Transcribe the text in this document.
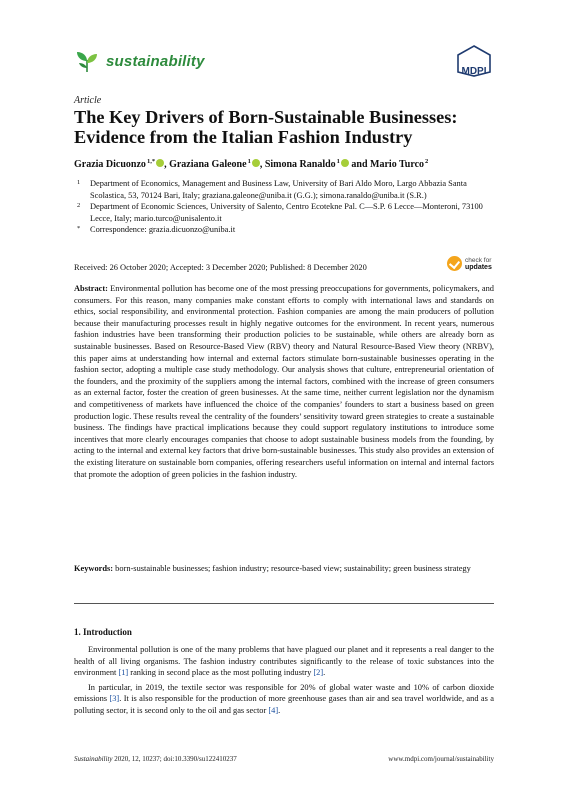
sustainability
MDPI
Article
The Key Drivers of Born-Sustainable Businesses: Evidence from the Italian Fashion Industry
Grazia Dicuonzo$^{1,*}$ , Graziana Galeone$^1$ , Simona Ranaldo$^1$ and Mario Turco$^2$
1 Department of Economics, Management and Business Law, University of Bari Aldo Moro, Largo Abbazia Santa Scolastica, 53, 70124 Bari, Italy; graziana.galeone@uniba.it (G.G.); simona.ranaldo@uniba.it (S.R.)
2 Department of Economic Sciences, University of Salento, Centro Ecotekne Pal. C—S.P. 6 Lecce—Monteroni, 73100 Lecce, Italy; mario.turco@unisalento.it
* Correspondence: grazia.dicuonzo@uniba.it
Received: 26 October 2020; Accepted: 3 December 2020; Published: 8 December 2020
check for
updates
Abstract: Environmental pollution has become one of the most pressing preoccupations for governments, policymakers, and consumers. For this reason, many companies make constant efforts to comply with international laws and standards on ethics, social responsibility, and environmental protection. Fashion companies are among the main producers of pollution because their manufacturing processes result in highly negative outcomes for the environment. In recent years, numerous fashion industries have been transforming their production policies to be sustainable, while others are already born as sustainable businesses. Based on Resource-Based View (RBV) theory and Natural Resource-Based View theory (NRBV), this paper aims at understanding how internal and external factors stimulate born-sustainable businesses operating in the fashion sector, adopting a multiple case study methodology. Our analysis shows that culture, entrepreneurial orientation of the founders, and the proximity of the suppliers among the internal factors, combined with the increase of green consumers as an external factor, foster the creation of green businesses. At the same time, neither current legislation nor the dynamism and competitiveness of markets have influenced the choice of the companies’ founders to start a business based on green production logic. These results reveal the centrality of the founders’ sensitivity toward green strategies to create a sustainable business. The findings have practical implications because they could support regulatory institutions to introduce some incentives that more clearly encourages companies that choose to adopt sustainable business models from the founding, by acting to the internal and external key factors that drive born-sustainable businesses. This study also provides an extension of the existing literature on sustainable born companies, offering researchers useful information on internal and internal factors that promote the adoption of green policies in the fashion industry.
Keywords: born-sustainable businesses; fashion industry; resource-based view; sustainability; green business strategy
1. Introduction

Environmental pollution is one of the many problems that have plagued our planet and it represents a real danger to the health of all living organisms. The fashion industry contributes significantly to the release of toxic substances into the environment [1] ranking in second place as the most polluting industry [2].

In particular, in 2019, the textile sector was responsible for 20% of global water waste and 10% of carbon dioxide emissions [3]. It is also responsible for the production of more greenhouse gases than air and sea travel worldwide, and as a polluting sector, it is second only to the oil and gas sector [4].

Sustainability 2020, 12, 10237; doi:10.3390/su122410237	www.mdpi.com/journal/sustainability
